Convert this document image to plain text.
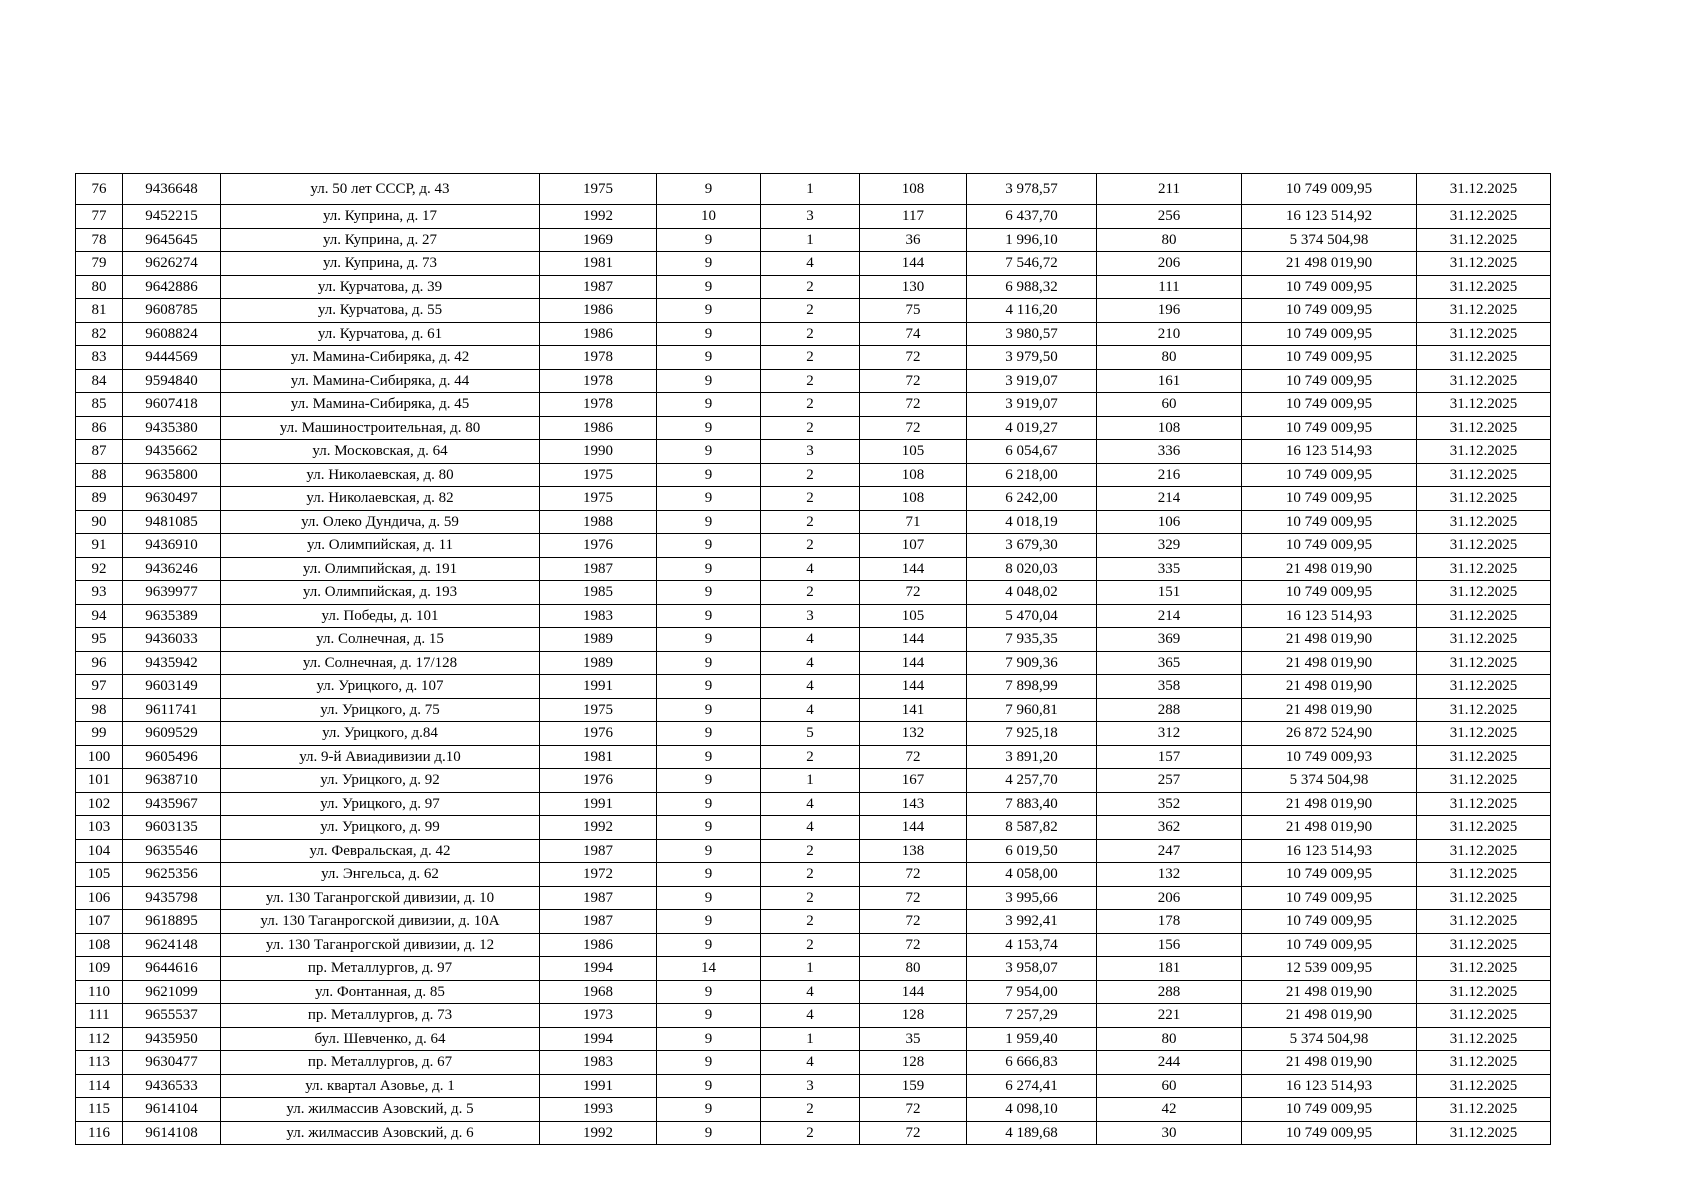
76	9436648	ул. 50 лет СССР, д. 43	1975	9	1	108	3 978,57	211	10 749 009,95	31.12.2025
77	9452215	ул. Куприна, д. 17	1992	10	3	117	6 437,70	256	16 123 514,92	31.12.2025
78	9645645	ул. Куприна, д. 27	1969	9	1	36	1 996,10	80	5 374 504,98	31.12.2025
79	9626274	ул. Куприна, д. 73	1981	9	4	144	7 546,72	206	21 498 019,90	31.12.2025
80	9642886	ул. Курчатова, д. 39	1987	9	2	130	6 988,32	111	10 749 009,95	31.12.2025
81	9608785	ул. Курчатова, д. 55	1986	9	2	75	4 116,20	196	10 749 009,95	31.12.2025
82	9608824	ул. Курчатова, д. 61	1986	9	2	74	3 980,57	210	10 749 009,95	31.12.2025
83	9444569	ул. Мамина-Сибиряка, д. 42	1978	9	2	72	3 979,50	80	10 749 009,95	31.12.2025
84	9594840	ул. Мамина-Сибиряка, д. 44	1978	9	2	72	3 919,07	161	10 749 009,95	31.12.2025
85	9607418	ул. Мамина-Сибиряка, д. 45	1978	9	2	72	3 919,07	60	10 749 009,95	31.12.2025
86	9435380	ул. Машиностроительная, д. 80	1986	9	2	72	4 019,27	108	10 749 009,95	31.12.2025
87	9435662	ул. Московская, д. 64	1990	9	3	105	6 054,67	336	16 123 514,93	31.12.2025
88	9635800	ул. Николаевская, д. 80	1975	9	2	108	6 218,00	216	10 749 009,95	31.12.2025
89	9630497	ул. Николаевская, д. 82	1975	9	2	108	6 242,00	214	10 749 009,95	31.12.2025
90	9481085	ул. Олеко Дундича, д. 59	1988	9	2	71	4 018,19	106	10 749 009,95	31.12.2025
91	9436910	ул. Олимпийская, д. 11	1976	9	2	107	3 679,30	329	10 749 009,95	31.12.2025
92	9436246	ул. Олимпийская, д. 191	1987	9	4	144	8 020,03	335	21 498 019,90	31.12.2025
93	9639977	ул. Олимпийская, д. 193	1985	9	2	72	4 048,02	151	10 749 009,95	31.12.2025
94	9635389	ул. Победы, д. 101	1983	9	3	105	5 470,04	214	16 123 514,93	31.12.2025
95	9436033	ул. Солнечная, д. 15	1989	9	4	144	7 935,35	369	21 498 019,90	31.12.2025
96	9435942	ул. Солнечная, д. 17/128	1989	9	4	144	7 909,36	365	21 498 019,90	31.12.2025
97	9603149	ул. Урицкого, д. 107	1991	9	4	144	7 898,99	358	21 498 019,90	31.12.2025
98	9611741	ул. Урицкого, д. 75	1975	9	4	141	7 960,81	288	21 498 019,90	31.12.2025
99	9609529	ул. Урицкого, д.84	1976	9	5	132	7 925,18	312	26 872 524,90	31.12.2025
100	9605496	ул. 9-й Авиадивизии д.10	1981	9	2	72	3 891,20	157	10 749 009,93	31.12.2025
101	9638710	ул. Урицкого, д. 92	1976	9	1	167	4 257,70	257	5 374 504,98	31.12.2025
102	9435967	ул. Урицкого, д. 97	1991	9	4	143	7 883,40	352	21 498 019,90	31.12.2025
103	9603135	ул. Урицкого, д. 99	1992	9	4	144	8 587,82	362	21 498 019,90	31.12.2025
104	9635546	ул. Февральская, д. 42	1987	9	2	138	6 019,50	247	16 123 514,93	31.12.2025
105	9625356	ул. Энгельса, д. 62	1972	9	2	72	4 058,00	132	10 749 009,95	31.12.2025
106	9435798	ул. 130 Таганрогской дивизии, д. 10	1987	9	2	72	3 995,66	206	10 749 009,95	31.12.2025
107	9618895	ул. 130 Таганрогской дивизии, д. 10А	1987	9	2	72	3 992,41	178	10 749 009,95	31.12.2025
108	9624148	ул. 130 Таганрогской дивизии, д. 12	1986	9	2	72	4 153,74	156	10 749 009,95	31.12.2025
109	9644616	пр. Металлургов, д. 97	1994	14	1	80	3 958,07	181	12 539 009,95	31.12.2025
110	9621099	ул. Фонтанная, д. 85	1968	9	4	144	7 954,00	288	21 498 019,90	31.12.2025
111	9655537	пр. Металлургов, д. 73	1973	9	4	128	7 257,29	221	21 498 019,90	31.12.2025
112	9435950	бул. Шевченко, д. 64	1994	9	1	35	1 959,40	80	5 374 504,98	31.12.2025
113	9630477	пр. Металлургов, д. 67	1983	9	4	128	6 666,83	244	21 498 019,90	31.12.2025
114	9436533	ул. квартал Азовье, д. 1	1991	9	3	159	6 274,41	60	16 123 514,93	31.12.2025
115	9614104	ул. жилмассив Азовский, д. 5	1993	9	2	72	4 098,10	42	10 749 009,95	31.12.2025
116	9614108	ул. жилмассив Азовский, д. 6	1992	9	2	72	4 189,68	30	10 749 009,95	31.12.2025
